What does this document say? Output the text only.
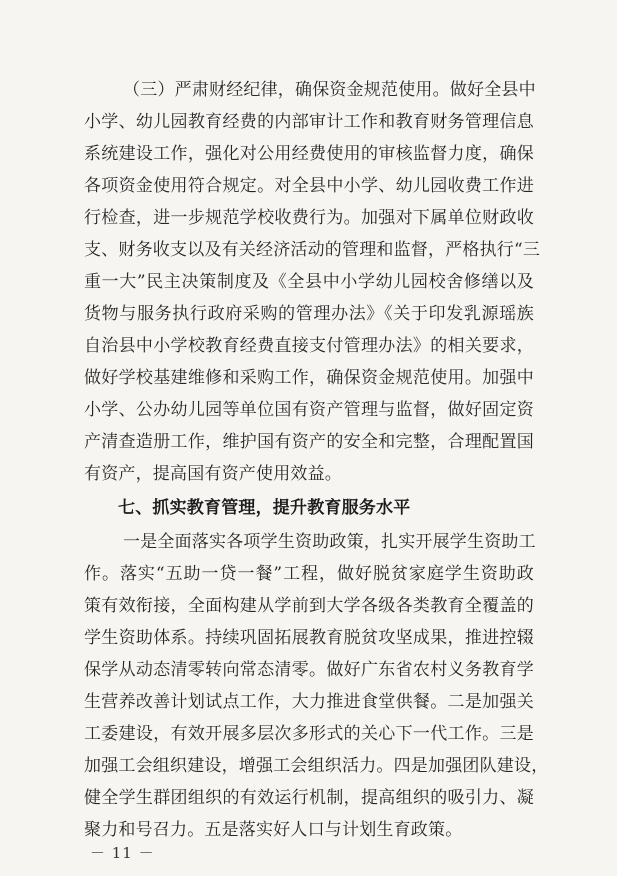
（三）严肃财经纪律，确保资金规范使用。做好全县中
小学、幼儿园教育经费的内部审计工作和教育财务管理信息
系统建设工作，强化对公用经费使用的审核监督力度，确保
各项资金使用符合规定。对全县中小学、幼儿园收费工作进
行检查，进一步规范学校收费行为。加强对下属单位财政收
支、财务收支以及有关经济活动的管理和监督，严格执行“三
重一大”民主决策制度及《全县中小学幼儿园校舍修缮以及
货物与服务执行政府采购的管理办法》《关于印发乳源瑶族
自治县中小学校教育经费直接支付管理办法》的相关要求，
做好学校基建维修和采购工作，确保资金规范使用。加强中
小学、公办幼儿园等单位国有资产管理与监督，做好固定资
产清查造册工作，维护国有资产的安全和完整，合理配置国
有资产，提高国有资产使用效益。
七、抓实教育管理，提升教育服务水平
一是全面落实各项学生资助政策，扎实开展学生资助工
作。落实“五助一贷一餐”工程，做好脱贫家庭学生资助政
策有效衔接，全面构建从学前到大学各级各类教育全覆盖的
学生资助体系。持续巩固拓展教育脱贫攻坚成果，推进控辍
保学从动态清零转向常态清零。做好广东省农村义务教育学
生营养改善计划试点工作，大力推进食堂供餐。二是加强关
工委建设，有效开展多层次多形式的关心下一代工作。三是
加强工会组织建设，增强工会组织活力。四是加强团队建设，
健全学生群团组织的有效运行机制，提高组织的吸引力、凝
聚力和号召力。五是落实好人口与计划生育政策。
－ 11 －
